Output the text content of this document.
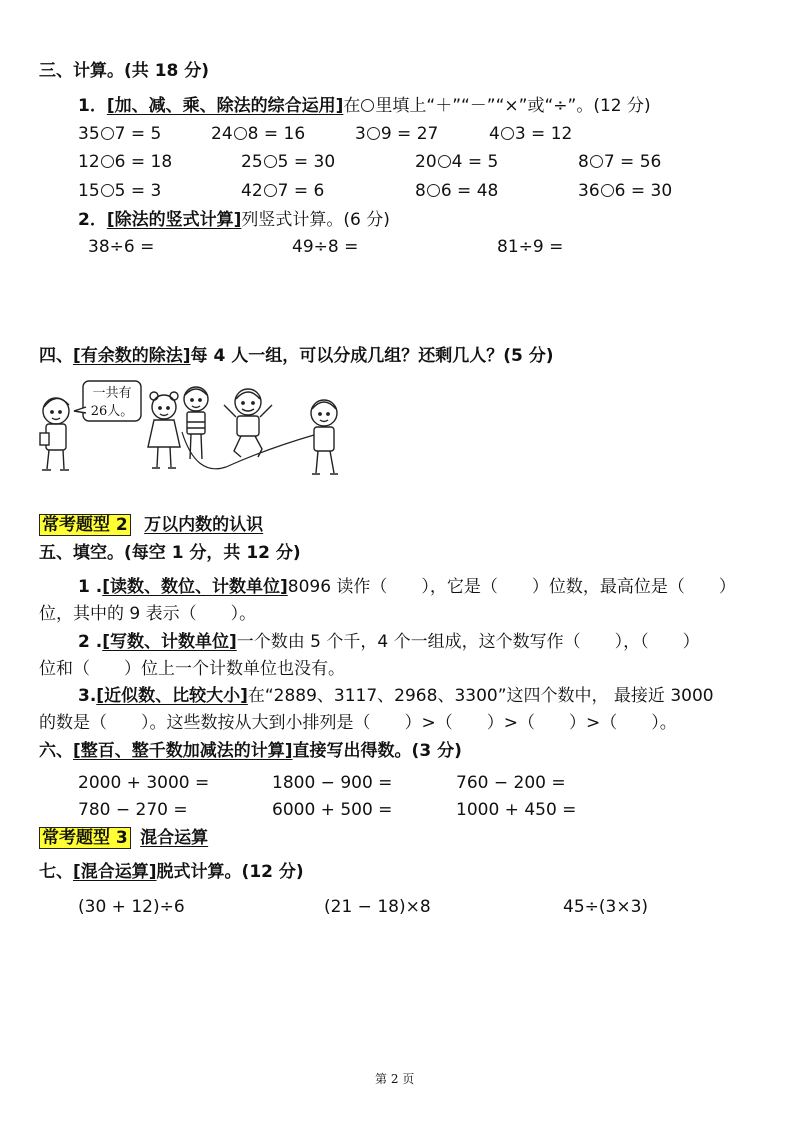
三、计算。(共 18 分)
1．[加、减、乘、除法的综合运用]在 里填上“＋”“－”“×”或“÷”。(12 分)
35 7 = 5	24 8 = 16	3 9 = 27	4 3 = 12
12 6 = 18	25 5 = 30	20 4 = 5	8 7 = 56
15 5 = 3	42 7 = 6	8 6 = 48	36 6 = 30
2．[除法的竖式计算]列竖式计算。(6 分)
38÷6 =	49÷8 =	81÷9 =
四、[有余数的除法]每 4 人一组，可以分成几组？还剩几人？(5 分)
一共有
26人。
常考题型 2 万以内数的认识
五、填空。(每空 1 分，共 12 分)
1 .[读数、数位、计数单位]8096 读作（　　），它是（　　）位数，最高位是（　　）
位，其中的 9 表示（　　）。
2 .[写数、计数单位]一个数由 5 个千，4 个一组成，这个数写作（　　），（　　）
位和（　　）位上一个计数单位也没有。
3.[近似数、比较大小]在“2889、3117、2968、3300”这四个数中， 最接近 3000
的数是（　　）。这些数按从大到小排列是（　　）>（　　）>（　　）>（　　）。
六、[整百、整千数加减法的计算]直接写出得数。(3 分)
2000 + 3000 =	1800 − 900 =	760 − 200 =
780 − 270 =	6000 + 500 =	1000 + 450 =
常考题型 3 混合运算
七、[混合运算]脱式计算。(12 分)
(30 + 12)÷6	(21 − 18)×8	45÷(3×3)
第 2 页
